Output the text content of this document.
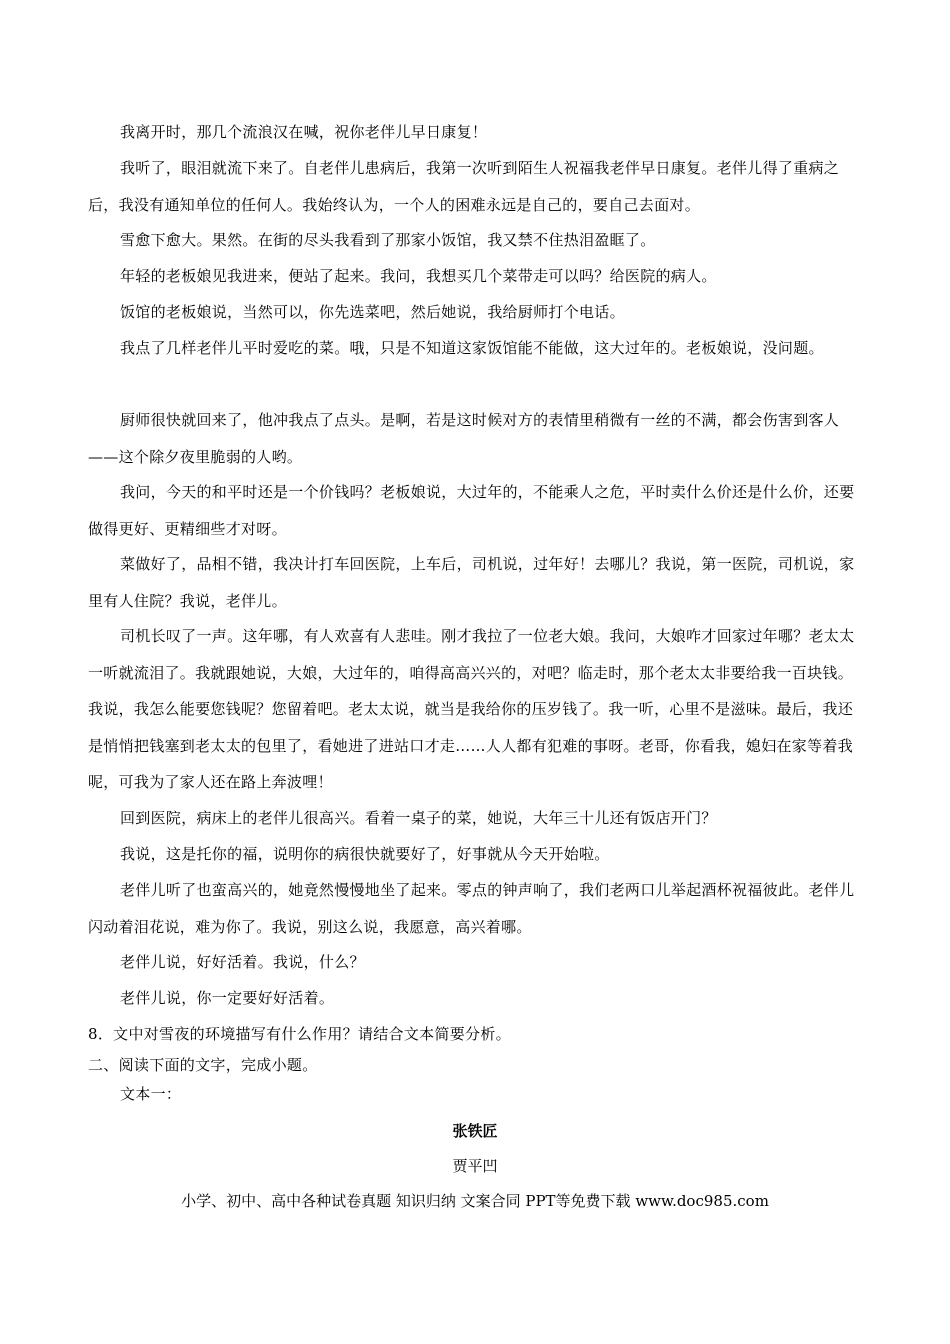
我离开时，那几个流浪汉在喊，祝你老伴儿早日康复！

我听了，眼泪就流下来了。自老伴儿患病后，我第一次听到陌生人祝福我老伴早日康复。老伴儿得了重病之后，我没有通知单位的任何人。我始终认为，一个人的困难永远是自己的，要自己去面对。

雪愈下愈大。果然。在街的尽头我看到了那家小饭馆，我又禁不住热泪盈眶了。

年轻的老板娘见我进来，便站了起来。我问，我想买几个菜带走可以吗？给医院的病人。

饭馆的老板娘说，当然可以，你先选菜吧，然后她说，我给厨师打个电话。

我点了几样老伴儿平时爱吃的菜。哦，只是不知道这家饭馆能不能做，这大过年的。老板娘说，没问题。

厨师很快就回来了，他冲我点了点头。是啊，若是这时候对方的表情里稍微有一丝的不满，都会伤害到客人——这个除夕夜里脆弱的人哟。

我问，今天的和平时还是一个价钱吗？老板娘说，大过年的，不能乘人之危，平时卖什么价还是什么价，还要做得更好、更精细些才对呀。

菜做好了，品相不错，我决计打车回医院，上车后，司机说，过年好！去哪儿？我说，第一医院，司机说，家里有人住院？我说，老伴儿。

司机长叹了一声。这年哪，有人欢喜有人悲哇。刚才我拉了一位老大娘。我问，大娘咋才回家过年哪？老太太一听就流泪了。我就跟她说，大娘，大过年的，咱得高高兴兴的，对吧？临走时，那个老太太非要给我一百块钱。我说，我怎么能要您钱呢？您留着吧。老太太说，就当是我给你的压岁钱了。我一听，心里不是滋味。最后，我还是悄悄把钱塞到老太太的包里了，看她进了进站口才走……人人都有犯难的事呀。老哥，你看我，媳妇在家等着我呢，可我为了家人还在路上奔波哩！

回到医院，病床上的老伴儿很高兴。看着一桌子的菜，她说，大年三十儿还有饭店开门？

我说，这是托你的福，说明你的病很快就要好了，好事就从今天开始啦。

老伴儿听了也蛮高兴的，她竟然慢慢地坐了起来。零点的钟声响了，我们老两口儿举起酒杯祝福彼此。老伴儿闪动着泪花说，难为你了。我说，别这么说，我愿意，高兴着哪。

老伴儿说，好好活着。我说，什么？

老伴儿说，你一定要好好活着。

8．文中对雪夜的环境描写有什么作用？请结合文本简要分析。

二、阅读下面的文字，完成小题。

文本一：

张铁匠
贾平凹
小学、初中、高中各种试卷真题 知识归纳 文案合同 PPT等免费下载 www.doc985.com
